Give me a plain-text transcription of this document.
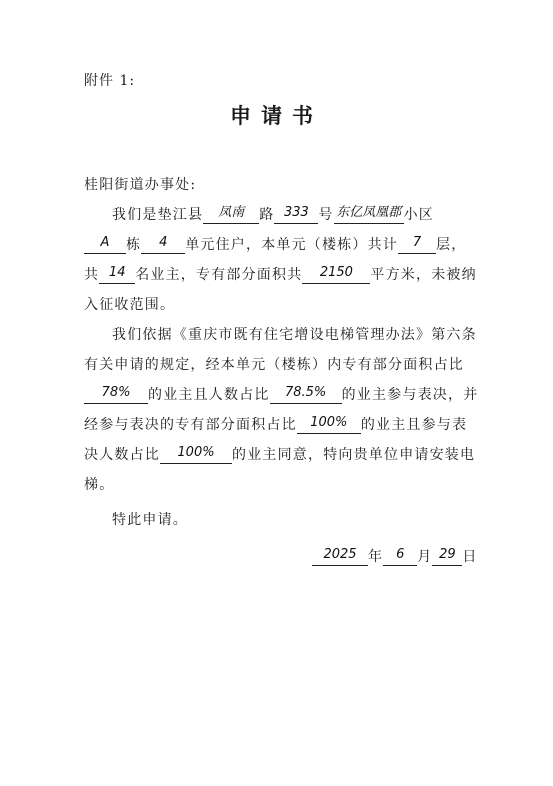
附件 1:
申请书
桂阳街道办事处:
我们是垫江县 凤南 路 333 号 东亿凤凰郡 小区
A 栋 4 单元住户，本单元（楼栋）共计 7 层，
共 14 名业主，专有部分面积共 2150 平方米，未被纳
入征收范围。
我们依据《重庆市既有住宅增设电梯管理办法》第六条
有关申请的规定，经本单元（楼栋）内专有部分面积占比
78% 的业主且人数占比 78.5% 的业主参与表决，并
经参与表决的专有部分面积占比 100% 的业主且参与表
决人数占比 100% 的业主同意，特向贵单位申请安装电
梯。
特此申请。
2025 年 6 月 29 日
